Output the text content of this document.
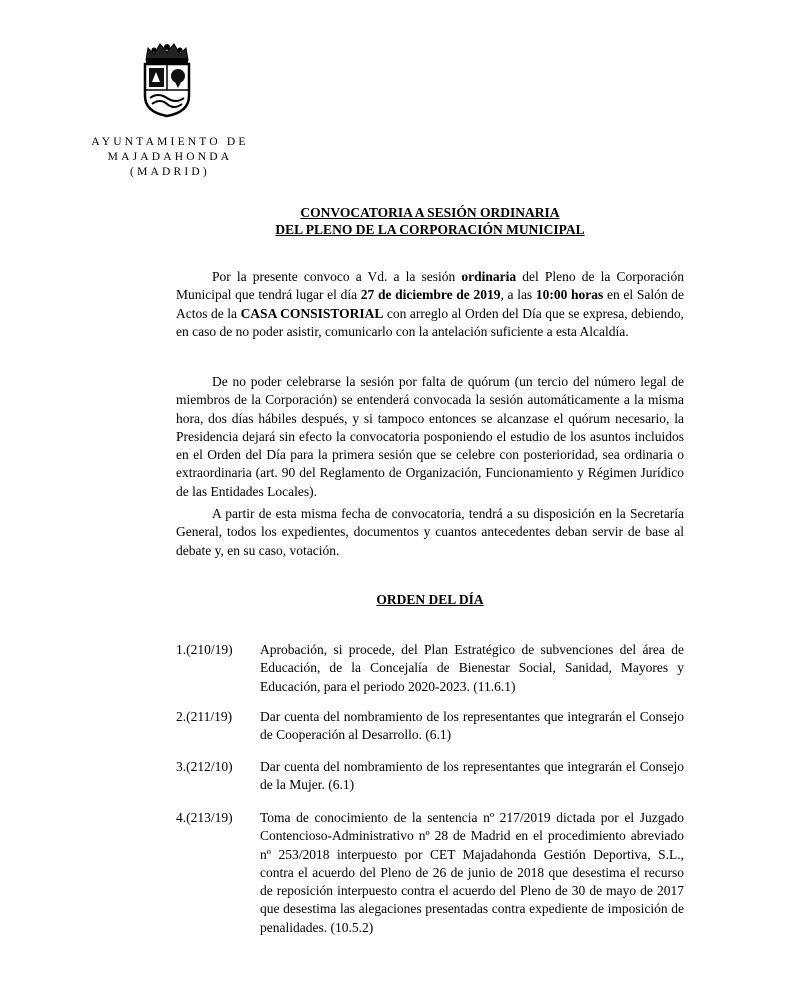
AYUNTAMIENTO DE
MAJADAHONDA
(MADRID)
CONVOCATORIA A SESIÓN ORDINARIA
DEL PLENO DE LA CORPORACIÓN MUNICIPAL

Por la presente convoco a Vd. a la sesión ordinaria del Pleno de la Corporación Municipal que tendrá lugar el día 27 de diciembre de 2019, a las 10:00 horas en el Salón de Actos de la CASA CONSISTORIAL con arreglo al Orden del Día que se expresa, debiendo, en caso de no poder asistir, comunicarlo con la antelación suficiente a esta Alcaldía.

De no poder celebrarse la sesión por falta de quórum (un tercio del número legal de miembros de la Corporación) se entenderá convocada la sesión automáticamente a la misma hora, dos días hábiles después, y si tampoco entonces se alcanzase el quórum necesario, la Presidencia dejará sin efecto la convocatoria posponiendo el estudio de los asuntos incluidos en el Orden del Día para la primera sesión que se celebre con posterioridad, sea ordinaria o extraordinaria (art. 90 del Reglamento de Organización, Funcionamiento y Régimen Jurídico de las Entidades Locales).

A partir de esta misma fecha de convocatoria, tendrá a su disposición en la Secretaría General, todos los expedientes, documentos y cuantos antecedentes deban servir de base al debate y, en su caso, votación.

ORDEN DEL DÍA
1.(210/19)	Aprobación, si procede, del Plan Estratégico de subvenciones del área de Educación, de la Concejalía de Bienestar Social, Sanidad, Mayores y Educación, para el periodo 2020-2023. (11.6.1)
2.(211/19)	Dar cuenta del nombramiento de los representantes que integrarán el Consejo de Cooperación al Desarrollo. (6.1)
3.(212/10)	Dar cuenta del nombramiento de los representantes que integrarán el Consejo de la Mujer. (6.1)
4.(213/19)	Toma de conocimiento de la sentencia nº 217/2019 dictada por el Juzgado Contencioso-Administrativo nº 28 de Madrid en el procedimiento abreviado nº 253/2018 interpuesto por CET Majadahonda Gestión Deportiva, S.L., contra el acuerdo del Pleno de 26 de junio de 2018 que desestima el recurso de reposición interpuesto contra el acuerdo del Pleno de 30 de mayo de 2017 que desestima las alegaciones presentadas contra expediente de imposición de penalidades. (10.5.2)
